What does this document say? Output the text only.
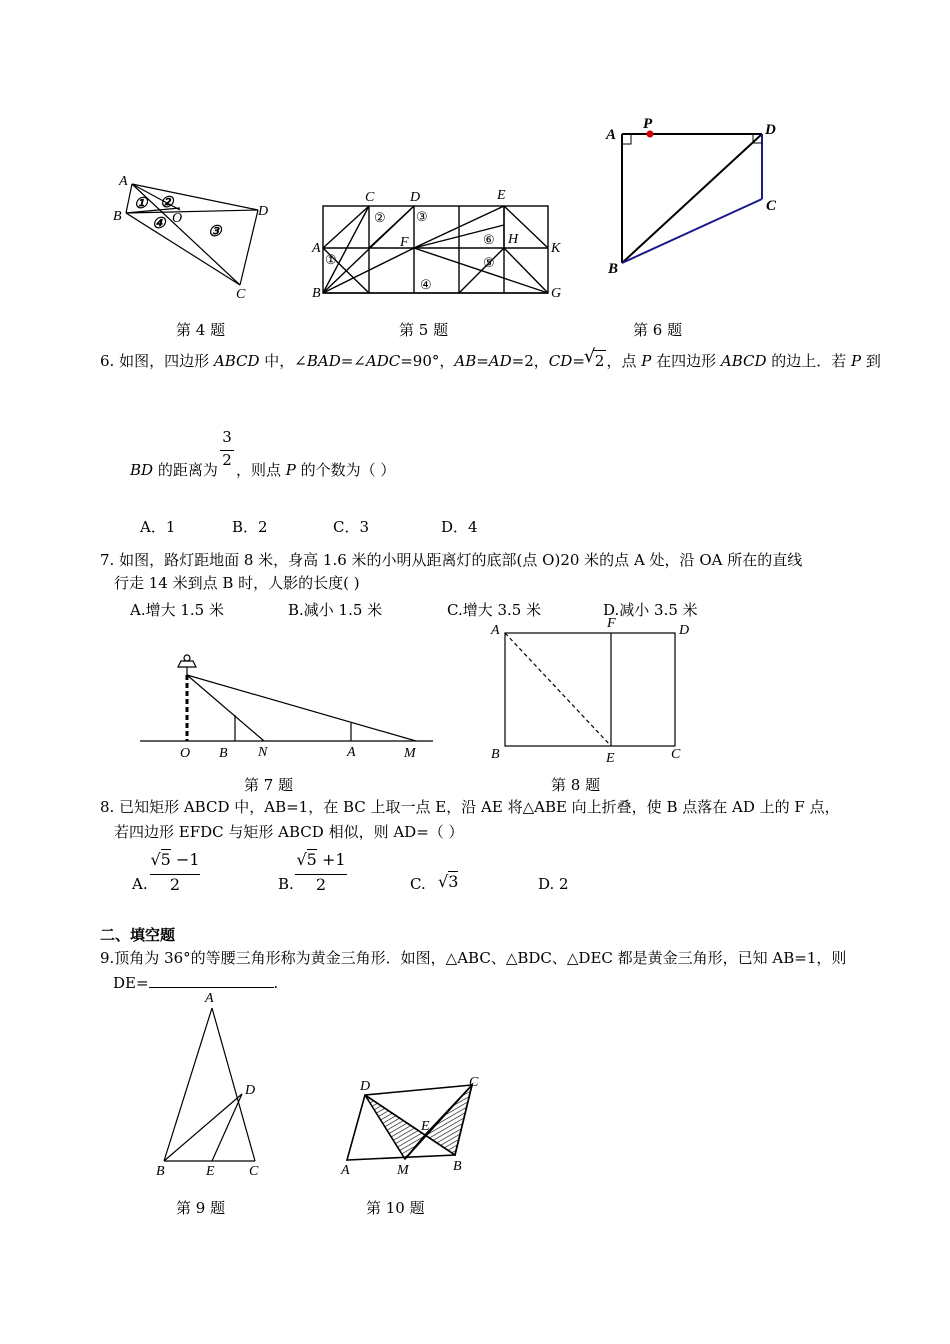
A
B	O	D
C
① ②
④	③
第 4 题
C	D	E
A	F	H
K
B	G
② ③
⑥
①	⑤
④
第 5 题
A
P	D
C
B
第 6 题
6. 如图，四边形 ABCD 中，∠BAD=∠ADC=90°，AB=AD=2，CD= √ 2 ，点 P 在四边形 ABCD 的边上．若 P 到
BD 的距离为
3
2
，则点 P 的个数为（ ）
A．1	B．2	C．3	D．4
7. 如图，路灯距地面 8 米，身高 1.6 米的小明从距离灯的底部(点 O)20 米的点 A 处，沿 OA 所在的直线
行走 14 米到点 B 时，人影的长度( )
A.增大 1.5 米	B.减小 1.5 米	C.增大 3.5 米	D.减小 3.5 米
O B N	A	M
第 7 题
A	F	D
B	E	C
第 8 题
8. 已知矩形 ABCD 中，AB=1，在 BC 上取一点 E，沿 AE 将△ABE 向上折叠，使 B 点落在 AD 上的 F 点，
若四边形 EFDC 与矩形 ABCD 相似，则 AD=（ ）
A.
√5 −1
2	B.
√5 +1
2	C. √3	D. 2
二、填空题
9.顶角为 36°的等腰三角形称为黄金三角形．如图，△ABC、△BDC、△DEC 都是黄金三角形，已知 AB=1，则
DE=	.
A
D
B	E C
第 9 题
D	C
E
A	M	B
第 10 题
